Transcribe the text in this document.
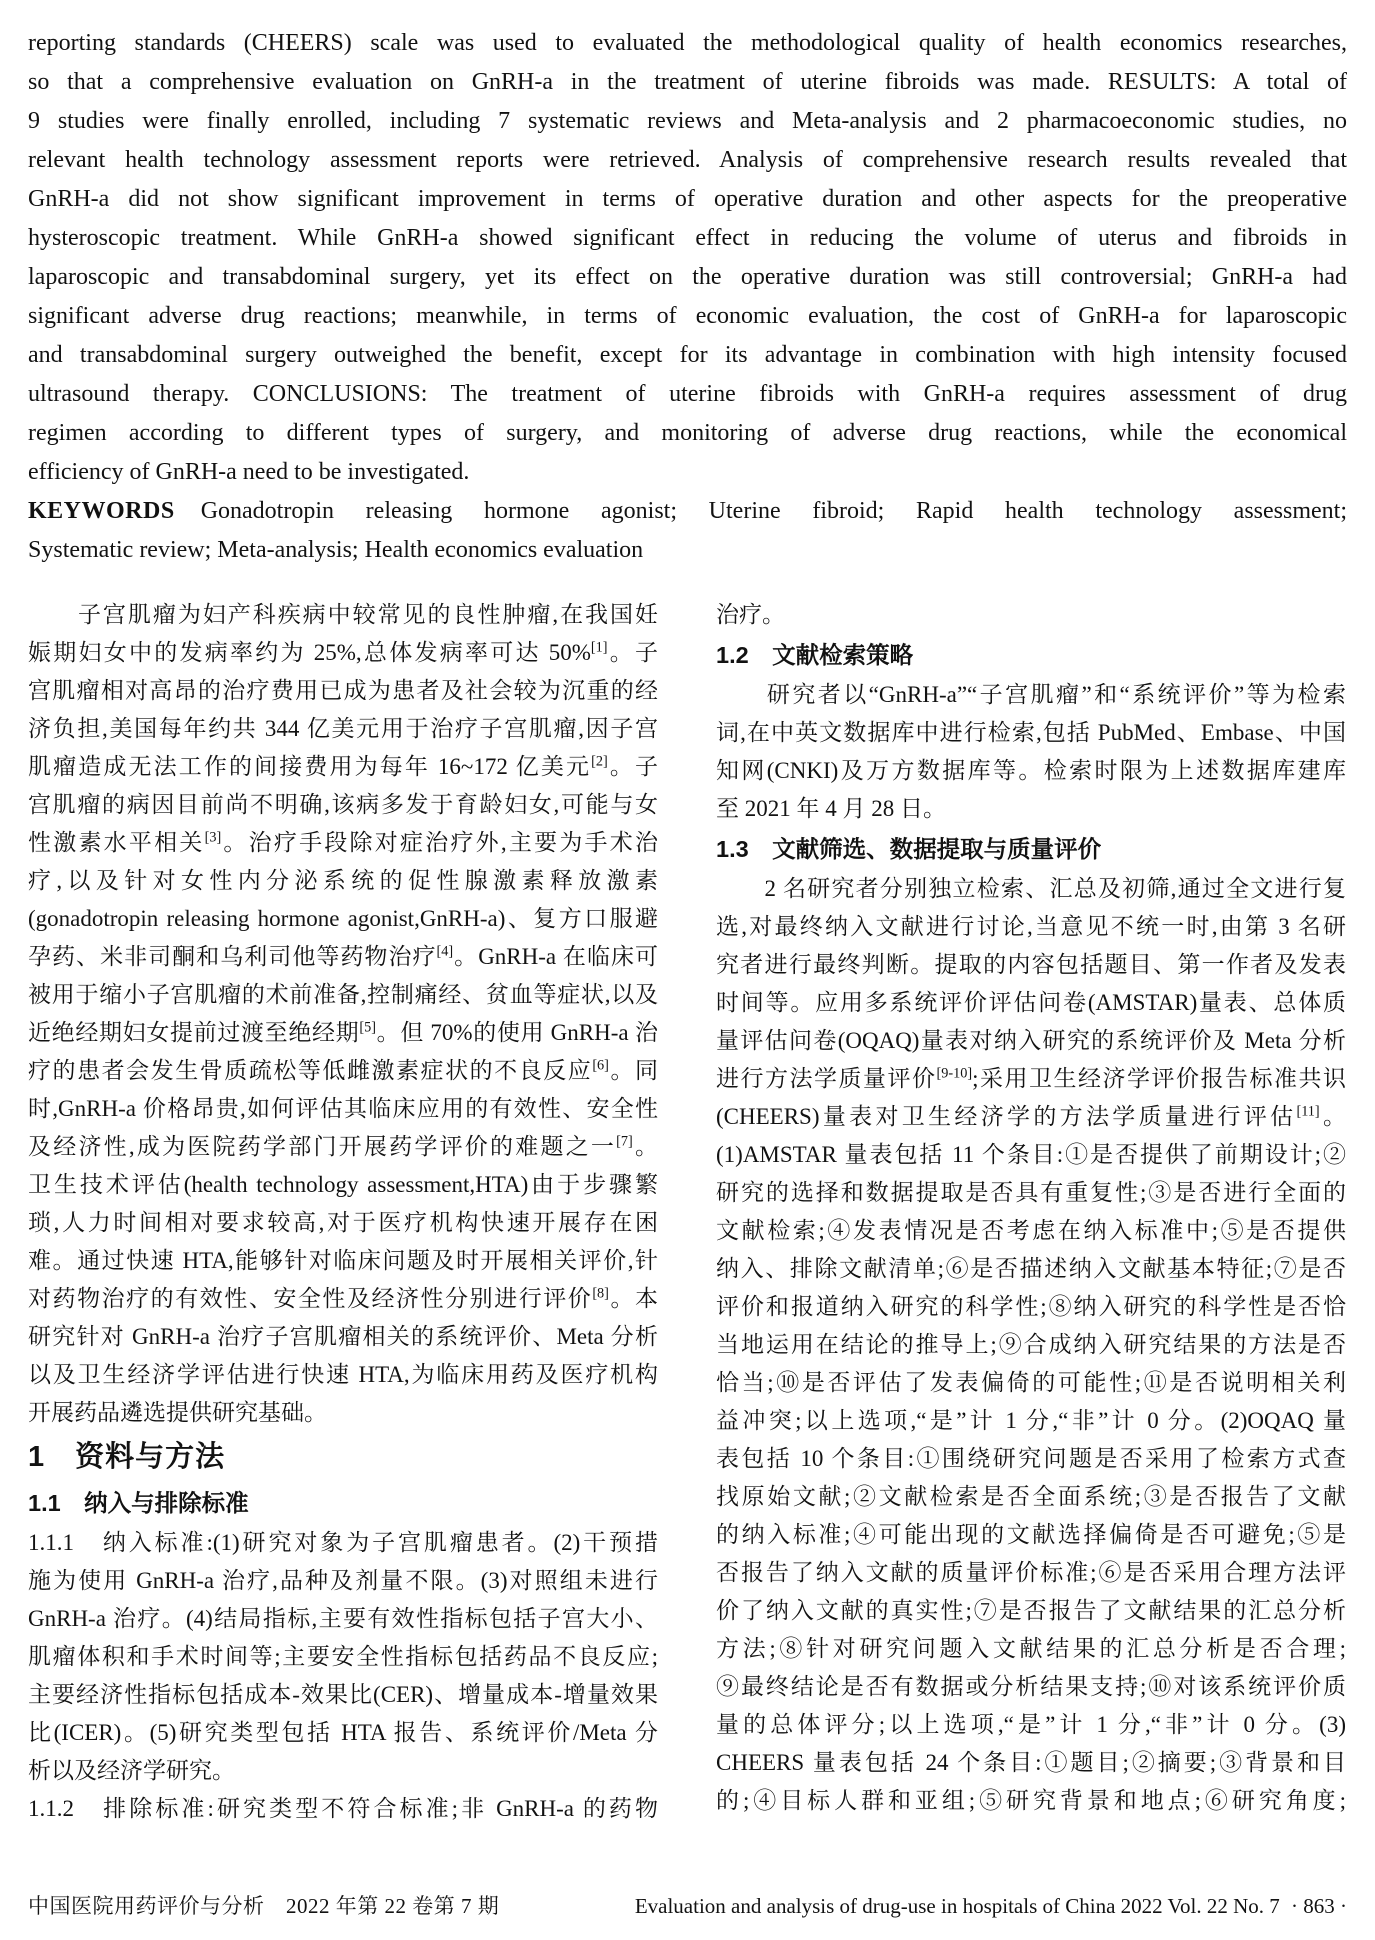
reporting standards (CHEERS) scale was used to evaluated the methodological quality of health economics researches,
so that a comprehensive evaluation on GnRH-a in the treatment of uterine fibroids was made. RESULTS: A total of
9 studies were finally enrolled, including 7 systematic reviews and Meta-analysis and 2 pharmacoeconomic studies, no
relevant health technology assessment reports were retrieved. Analysis of comprehensive research results revealed that
GnRH-a did not show significant improvement in terms of operative duration and other aspects for the preoperative
hysteroscopic treatment. While GnRH-a showed significant effect in reducing the volume of uterus and fibroids in
laparoscopic and transabdominal surgery, yet its effect on the operative duration was still controversial; GnRH-a had
significant adverse drug reactions; meanwhile, in terms of economic evaluation, the cost of GnRH-a for laparoscopic
and transabdominal surgery outweighed the benefit, except for its advantage in combination with high intensity focused
ultrasound therapy. CONCLUSIONS: The treatment of uterine fibroids with GnRH-a requires assessment of drug
regimen according to different types of surgery, and monitoring of adverse drug reactions, while the economical
efficiency of GnRH-a need to be investigated.
KEYWORDS Gonadotropin releasing hormone agonist; Uterine fibroid; Rapid health technology assessment;
Systematic review; Meta-analysis; Health economics evaluation
　　子宫肌瘤为妇产科疾病中较常见的良性肿瘤,在我国妊
娠期妇女中的发病率约为 25%,总体发病率可达 50%[1]。子
宫肌瘤相对高昂的治疗费用已成为患者及社会较为沉重的经
济负担,美国每年约共 344 亿美元用于治疗子宫肌瘤,因子宫
肌瘤造成无法工作的间接费用为每年 16~172 亿美元[2]。子
宫肌瘤的病因目前尚不明确,该病多发于育龄妇女,可能与女
性激素水平相关[3]。治疗手段除对症治疗外,主要为手术治
疗,以及针对女性内分泌系统的促性腺激素释放激素
(gonadotropin releasing hormone agonist,GnRH-a)、复方口服避
孕药、米非司酮和乌利司他等药物治疗[4]。GnRH-a 在临床可
被用于缩小子宫肌瘤的术前准备,控制痛经、贫血等症状,以及
近绝经期妇女提前过渡至绝经期[5]。但 70%的使用 GnRH-a 治
疗的患者会发生骨质疏松等低雌激素症状的不良反应[6]。同
时,GnRH-a 价格昂贵,如何评估其临床应用的有效性、安全性
及经济性,成为医院药学部门开展药学评价的难题之一[7]。
卫生技术评估(health technology assessment,HTA)由于步骤繁
琐,人力时间相对要求较高,对于医疗机构快速开展存在困
难。通过快速 HTA,能够针对临床问题及时开展相关评价,针
对药物治疗的有效性、安全性及经济性分别进行评价[8]。本
研究针对 GnRH-a 治疗子宫肌瘤相关的系统评价、Meta 分析
以及卫生经济学评估进行快速 HTA,为临床用药及医疗机构
开展药品遴选提供研究基础。
1　资料与方法
1.1　纳入与排除标准
1.1.1　纳入标准:(1)研究对象为子宫肌瘤患者。(2)干预措
施为使用 GnRH-a 治疗,品种及剂量不限。(3)对照组未进行
GnRH-a 治疗。(4)结局指标,主要有效性指标包括子宫大小、
肌瘤体积和手术时间等;主要安全性指标包括药品不良反应;
主要经济性指标包括成本-效果比(CER)、增量成本-增量效果
比(ICER)。(5)研究类型包括 HTA 报告、系统评价/Meta 分
析以及经济学研究。
1.1.2　排除标准:研究类型不符合标准;非 GnRH-a 的药物
治疗。
1.2　文献检索策略
　　研究者以“GnRH-a”“子宫肌瘤”和“系统评价”等为检索
词,在中英文数据库中进行检索,包括 PubMed、Embase、中国
知网(CNKI)及万方数据库等。检索时限为上述数据库建库
至 2021 年 4 月 28 日。
1.3　文献筛选、数据提取与质量评价
　　2 名研究者分别独立检索、汇总及初筛,通过全文进行复
选,对最终纳入文献进行讨论,当意见不统一时,由第 3 名研
究者进行最终判断。提取的内容包括题目、第一作者及发表
时间等。应用多系统评价评估问卷(AMSTAR)量表、总体质
量评估问卷(OQAQ)量表对纳入研究的系统评价及 Meta 分析
进行方法学质量评价[9-10];采用卫生经济学评价报告标准共识
(CHEERS)量表对卫生经济学的方法学质量进行评估[11]。
(1)AMSTAR 量表包括 11 个条目:①是否提供了前期设计;②
研究的选择和数据提取是否具有重复性;③是否进行全面的
文献检索;④发表情况是否考虑在纳入标准中;⑤是否提供
纳入、排除文献清单;⑥是否描述纳入文献基本特征;⑦是否
评价和报道纳入研究的科学性;⑧纳入研究的科学性是否恰
当地运用在结论的推导上;⑨合成纳入研究结果的方法是否
恰当;⑩是否评估了发表偏倚的可能性;⑪是否说明相关利
益冲突;以上选项,“是”计 1 分,“非”计 0 分。(2)OQAQ 量
表包括 10 个条目:①围绕研究问题是否采用了检索方式查
找原始文献;②文献检索是否全面系统;③是否报告了文献
的纳入标准;④可能出现的文献选择偏倚是否可避免;⑤是
否报告了纳入文献的质量评价标准;⑥是否采用合理方法评
价了纳入文献的真实性;⑦是否报告了文献结果的汇总分析
方法;⑧针对研究问题入文献结果的汇总分析是否合理;
⑨最终结论是否有数据或分析结果支持;⑩对该系统评价质
量的总体评分;以上选项,“是”计 1 分,“非”计 0 分。(3)
CHEERS 量表包括 24 个条目:①题目;②摘要;③背景和目
的;④目标人群和亚组;⑤研究背景和地点;⑥研究角度;
中国医院用药评价与分析　2022 年第 22 卷第 7 期	Evaluation and analysis of drug-use in hospitals of China 2022 Vol. 22 No. 7 · 863 ·
